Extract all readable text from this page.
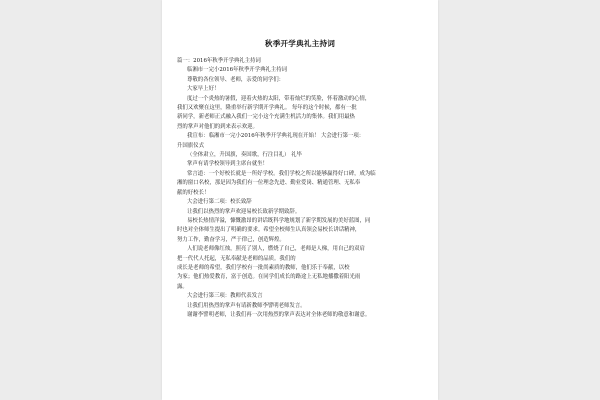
秋季开学典礼主持词
篇一：2016年秋季开学典礼主持词
临湘市一完小2016年秋季开学典礼主持词
尊敬的各位领导、老师，亲爱的同学们：
大家早上好！
度过一个炎热的暑假，迎着火热的太阳，带着灿烂的笑脸，怀着激动的心情，
我们又欢聚在这里，隆重举行新学期开学典礼。 每年的这个时候，都有一批
新同学，新老师正式融入我们一完小这个充满生机活力的集体。我们用最热
烈的掌声对他们的到来表示欢迎。
我宣布：临湘市一完小2016年秋季开学典礼现在开始！ 大会进行第一项：
升国旗仪式
（全体肃立，升国旗，奏国歌，行注目礼） 礼毕
掌声有请学校领导到主席台就坐！
常言道：一个好校长就是一所好学校。我们学校之所以能够赢得好口碑，成为临
湘的窗口名校，那是因为我们有一位理念先进、勤业爱岗、精通管理、无私奉
献的好校长！
大会进行第二项：校长致辞
让我们以热烈的掌声欢迎易校长致新学期致辞。
易校长热情洋溢，慷慨激昂的讲话既科学地规划了新学期发展的美好蓝图，同
时也对全体师生提出了明确的要求。希望全校师生认真领会易校长讲话精神，
努力工作，勤奋学习，严于律己，创造辉煌。
人们说老师像红烛，照亮了别人，燃烧了自己，老师是人梯，用自己的双肩
把一代代人托起，无私奉献是老师的品质。我们的
成长是老师的希望，我们学校有一批尚素质的教师，他们乐于奉献，以校
为家；他们热爱教育，富于创造。在同学们成长的路途上无私地播撒着阳光雨
露。
大会进行第三项：教师代表发言
让我们用热烈的掌声有请新教师李譬明老师发言。
谢谢李譬明老师，让我们再一次用热烈的掌声表达对全体老师的敬意和谢意。
